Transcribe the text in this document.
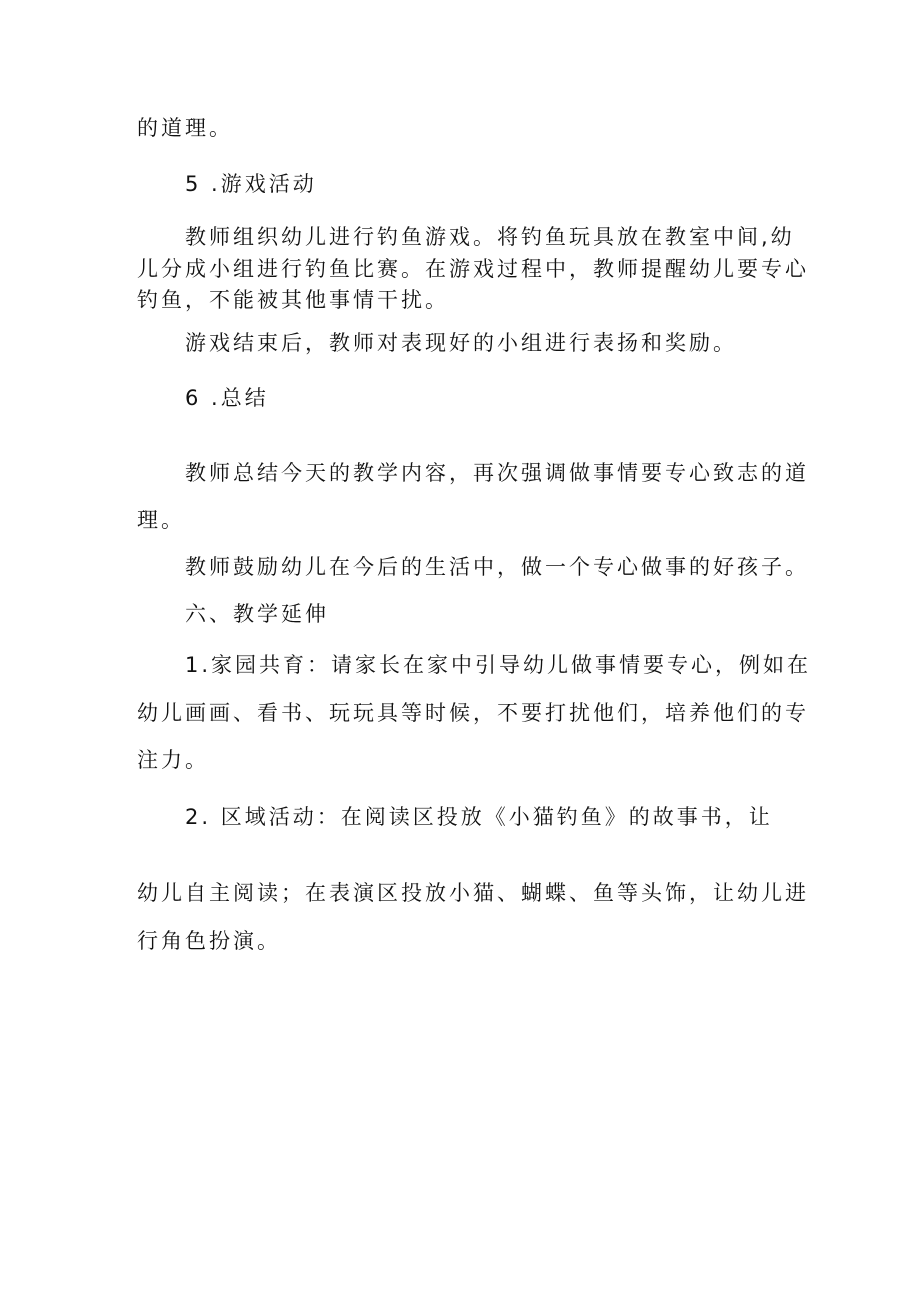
的道理。
5 .游戏活动
教师组织幼儿进行钓鱼游戏。将钓鱼玩具放在教室中间,幼
儿分成小组进行钓鱼比赛。在游戏过程中，教师提醒幼儿要专心
钓鱼，不能被其他事情干扰。
游戏结束后，教师对表现好的小组进行表扬和奖励。
6 .总结
教师总结今天的教学内容，再次强调做事情要专心致志的道
理。
教师鼓励幼儿在今后的生活中，做一个专心做事的好孩子。
六、教学延伸
1.家园共育：请家长在家中引导幼儿做事情要专心，例如在
幼儿画画、看书、玩玩具等时候，不要打扰他们，培养他们的专
注力。
2. 区域活动：在阅读区投放《小猫钓鱼》的故事书，让
幼儿自主阅读；在表演区投放小猫、蝴蝶、鱼等头饰，让幼儿进
行角色扮演。
